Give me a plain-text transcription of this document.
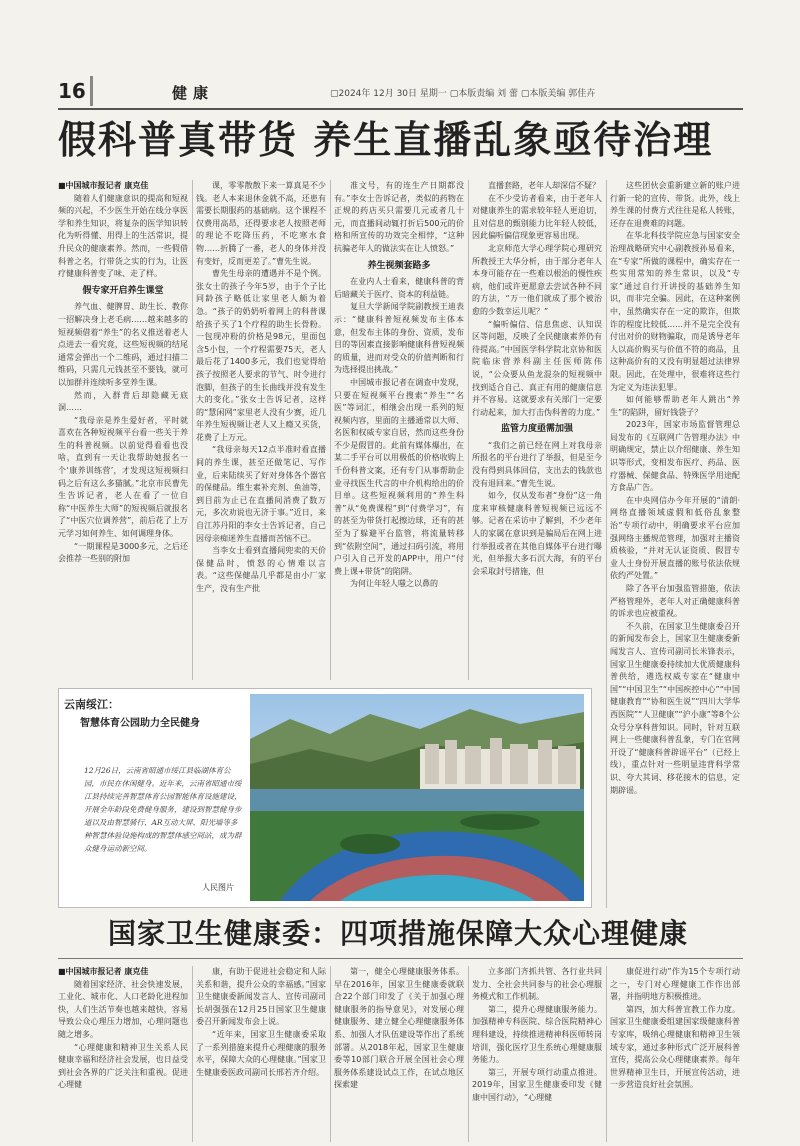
16	健康	▢2024年 12月 30日 星期一 ▢本版责编 刘 蕾 ▢本版美编 郭佳卉
假科普真带货 养生直播乱象亟待治理

■中国城市报记者 康克佳

随着人们健康意识的提高和短视频的兴起，不少医生开始在线分享医学和养生知识，将复杂的医学知识转化为听得懂、用得上的生活常识，提升民众的健康素养。然而，一些假借科普之名，行带货之实的行为，让医疗健康科普变了味、走了样。

假专家开启养生课堂

养气血、健脾胃、助生长、教你一招解决身上老毛病……越来越多的短视频借着“养生”的名义推送着老人点进去一看究竟，这些短视频的结尾通常会弹出一个二维码，通过扫描二维码，只需几元钱甚至不要钱，就可以加群并连续听多堂养生课。

然而，入群背后却隐藏无底洞……

“我母亲是养生爱好者，平时就喜欢在各种短视频平台看一些关于养生的科普视频。以前觉得看看也没啥，直到有一天让我帮助她报名一个‘康养训练营’，才发现这短视频扫码之后有这么多猫腻。”北京市民曹先生告诉记者，老人在看了一位自称“中医养生大师”的短视频后就报名了“中医穴位调养营”，前后花了上万元学习如何养生、如何调理身体。

“一期课程是3000多元，之后还会推荐一些别的附加

课，零零散散下来一算真是不少钱。老人本来退休金就不高，还患有需要长期服药的基础病。这个课程不仅费用高昂，还得要求老人按照老师的理论不吃降压药，不吃寒水食物……折腾了一番，老人的身体并没有变好，反而更差了。”曹先生说。

曹先生母亲的遭遇并不是个例。张女士的孩子今年5岁，由于个子比同龄孩子略低让家里老人颇为着急。“孩子的奶奶听着网上的科普课给孩子买了1个疗程的助生长骨粉。一包现冲粉的价格是98元，里面包含5小包，一个疗程需要75天，老人最后花了1400多元，我们也觉得给孩子按照老人要求的节气、时令进行泡脚，但孩子的生长曲线并没有发生大的变化。”张女士告诉记者，这样的“慧闲网”家里老人没有少赛，近几年养生短视频让老人又上瘾又买货，花费了上万元。

“我母亲每天12点半准时看直播间的养生课，甚至还做笔记、写作业，后来陆续买了好对身体各个器官的保健品。维生素补充剂、鱼油等，到目前为止已在直播间消费了数万元，多次劝说也无济于事。”近日，来自江苏丹阳的李女士告诉记者，自己因母亲痴迷养生直播而苦恼不已。

当李女士看到直播间兜卖的天价保健品时，愤怒的心情难以言表。“这些保健品几乎都是由小厂家生产，没有生产批

准文号，有的连生产日期都没有。”李女士告诉记者，类似的药物在正规的药店买只需要几元或者几十元，而直播间动辄打折后500元的价格和所宣传的功效完全相悖，“这种抗骗老年人的做法实在让人愤怒。”

养生视频套路多

在业内人士看来，健康科普的背后暗藏关于医疗、资本的利益链。

复旦大学新闻学院副教授王迪表示：“健康科普短视频发布主体本意，但发布主体的身份、资质，发布目的等因素直接影响健康科普短视频的质量，进而对受众的价值判断和行为选择提出挑战。”

中国城市报记者在调查中发现，只要在短视频平台搜索“养生”“名医”等词汇，相继会出现一系列的短视频内容，里面的主播通常以大师、名医和权威专家自居，然而这些身份不少是假冒的。此前有媒体爆出，在某二手平台可以用极低的价格收购上千份科普文案，还有专门从事帮助企业寻找医生代言的中介机构给出的价目单。这些短视频利用的“养生科普”从“免费课程”到“付费学习”，有的甚至为带货打起擦边球，还有的甚至为了躲避平台监管，将流量转移到“依附空间”，通过扫码引流，将用户引入自己开发的APP中，用户“付费上课+带货”的陷阱。

为何让年轻人嗤之以鼻的

直播套路，老年人却深信不疑？

在不少受访者看来，由于老年人对健康养生的需求较年轻人更迫切，且对信息的甄别能力比年轻人较低，因此偏听偏信现象更容易出现。

北京师范大学心理学院心理研究所教授王大华分析，由于部分老年人本身可能存在一些难以根治的慢性疾病，他们或许更愿意去尝试各种不同的方法，“万一他们就成了那个被治愈的少数幸运儿呢？”

“偏听偏信、信息焦虑、认知误区等问题，反映了全民健康素养仍有待提高。”中国医学科学院北京协和医院临床营养科副主任医师陈伟说，“公众要从鱼龙混杂的短视频中找到适合自己、真正有用的健康信息并不容易。这就要求有关部门一定要行动起来，加大打击伪科普的力度。”

监管力度亟需加强

“我们之前已经在网上对我母亲所报名的平台进行了举报，但是至今没有得到具体回信，支出去的钱款也没有退回来。”曹先生说。

如今，仅从发布者“身份”这一角度来审核健康科普短视频已远远不够。记者在采访中了解到，不少老年人的家属在意识到是骗局后在网上进行举报或者在其他自媒体平台进行曝光，但举报大多石沉大海，有的平台会采取封号措施，但

这些团伙会重新建立新的账户进行新一轮的宣传、带货。此外，线上养生课的付费方式往往是私人转账，还存在退费难的问题。

在华北科技学院应急与国家安全治理战略研究中心副教授孙易看来，在“专家”所做的课程中，确实存在一些实用常知的养生常识，以及“专家”通过自行开讲授的基础养生知识，而非完全骗。因此，在这种案例中，虽然确实存在一定的欺诈，但欺诈的程度比较低……并不是完全没有付出对价的财物骗取，而是诱导老年人以高价购买与价值不符的商品，且这种高价有的又没有明显超过法律界限。因此，在处理中，很难将这些行为定义为违法犯罪。

如何能够帮助老年人跳出“养生”的陷阱，留好钱袋子？

2023年，国家市场监督管理总局发布的《互联网广告管理办法》中明确规定，禁止以介绍健康、养生知识等形式，变相发布医疗、药品、医疗器械、保健食品、特殊医学用途配方食品广告。

在中央网信办今年开展的“清朗·网络直播领域虚假和低俗乱象整治”专项行动中，明确要求平台应加强网络主播规范管理，加强对主播资质核验，“并对无认证资质、假冒专业人士身份开展直播的账号依法依规依约严处置。”

除了各平台加强监管措施，依法严格管理外，老年人对正确健康科普的诉求也应被重视。

不久前，在国家卫生健康委召开的新闻发布会上，国家卫生健康委新闻发言人、宣传司副司长米锋表示，国家卫生健康委持续加大优质健康科普供给，遴选权威专家在“健康中国”“中国卫生”“中国疾控中心”“中国健康教育”“协和医生说”“四川大学华西医院”“人卫健康”“沪小康”等8个公众号分享科普知识。同时，针对互联网上一些健康科普乱象，专门在官网开设了“健康科普辟谣平台”（已经上线），重点针对一些明显违背科学常识、夸大其词、移花接木的信息，定期辟谣。

云南绥江：
智慧体育公园助力全民健身
12月26日，云南省昭通市绥江县临湖体育公园，市民在休闲健身。近年来，云南省昭通市绥江县持续完善智慧体育公园智能体育设施建设，开展全年龄段免费健身服务，建设到智慧健身步道以及由智慧骑行、AR互动大屏、阳光墙等多种智慧体验设施构成的智慧体感空间站，成为群众健身运动新空间。
人民图片
国家卫生健康委：四项措施保障大众心理健康

■中国城市报记者 康克佳

随着国家经济、社会快速发展，工业化、城市化、人口老龄化进程加快，人们生活节奏也越来越快，容易导致公众心理压力增加，心理问题也随之增多。

“心理健康和精神卫生关系人民健康幸福和经济社会发展，也日益受到社会各界的广泛关注和重视。促进心理健

康，有助于促进社会稳定和人际关系和谐，提升公众的幸福感。”国家卫生健康委新闻发言人、宣传司副司长胡强强在12月25日国家卫生健康委召开新闻发布会上说。

“近年来，国家卫生健康委采取了一系列措施来提升心理健康的服务水平，保障大众的心理健康。”国家卫生健康委医政司副司长邢若齐介绍。

第一，健全心理健康服务体系。早在2016年，国家卫生健康委就联合22个部门印发了《关于加强心理健康服务的指导意见》，对发展心理健康服务、建立健全心理健康服务体系、加强人才队伍建设等作出了系统部署。从2018年起，国家卫生健康委等10部门联合开展全国社会心理服务体系建设试点工作，在试点地区探索建

立多部门齐抓共管、各行业共同发力、全社会共同参与的社会心理服务模式和工作机制。

第二，提升心理健康服务能力。加强精神专科医院、综合医院精神心理科建设，持续推进精神科医师转岗培训，强化医疗卫生系统心理健康服务能力。

第三，开展专项行动重点推进。2019年，国家卫生健康委印发《健康中国行动》，“心理健

康促进行动”作为15个专项行动之一，专门对心理健康工作作出部署，并指明地方积极推进。

第四，加大科普宣教工作力度。国家卫生健康委组建国家级健康科普专家库，吸纳心理健康和精神卫生领域专家，通过多种形式广泛开展科普宣传，提高公众心理健康素养。每年世界精神卫生日，开展宣传活动，进一步营造良好社会氛围。
